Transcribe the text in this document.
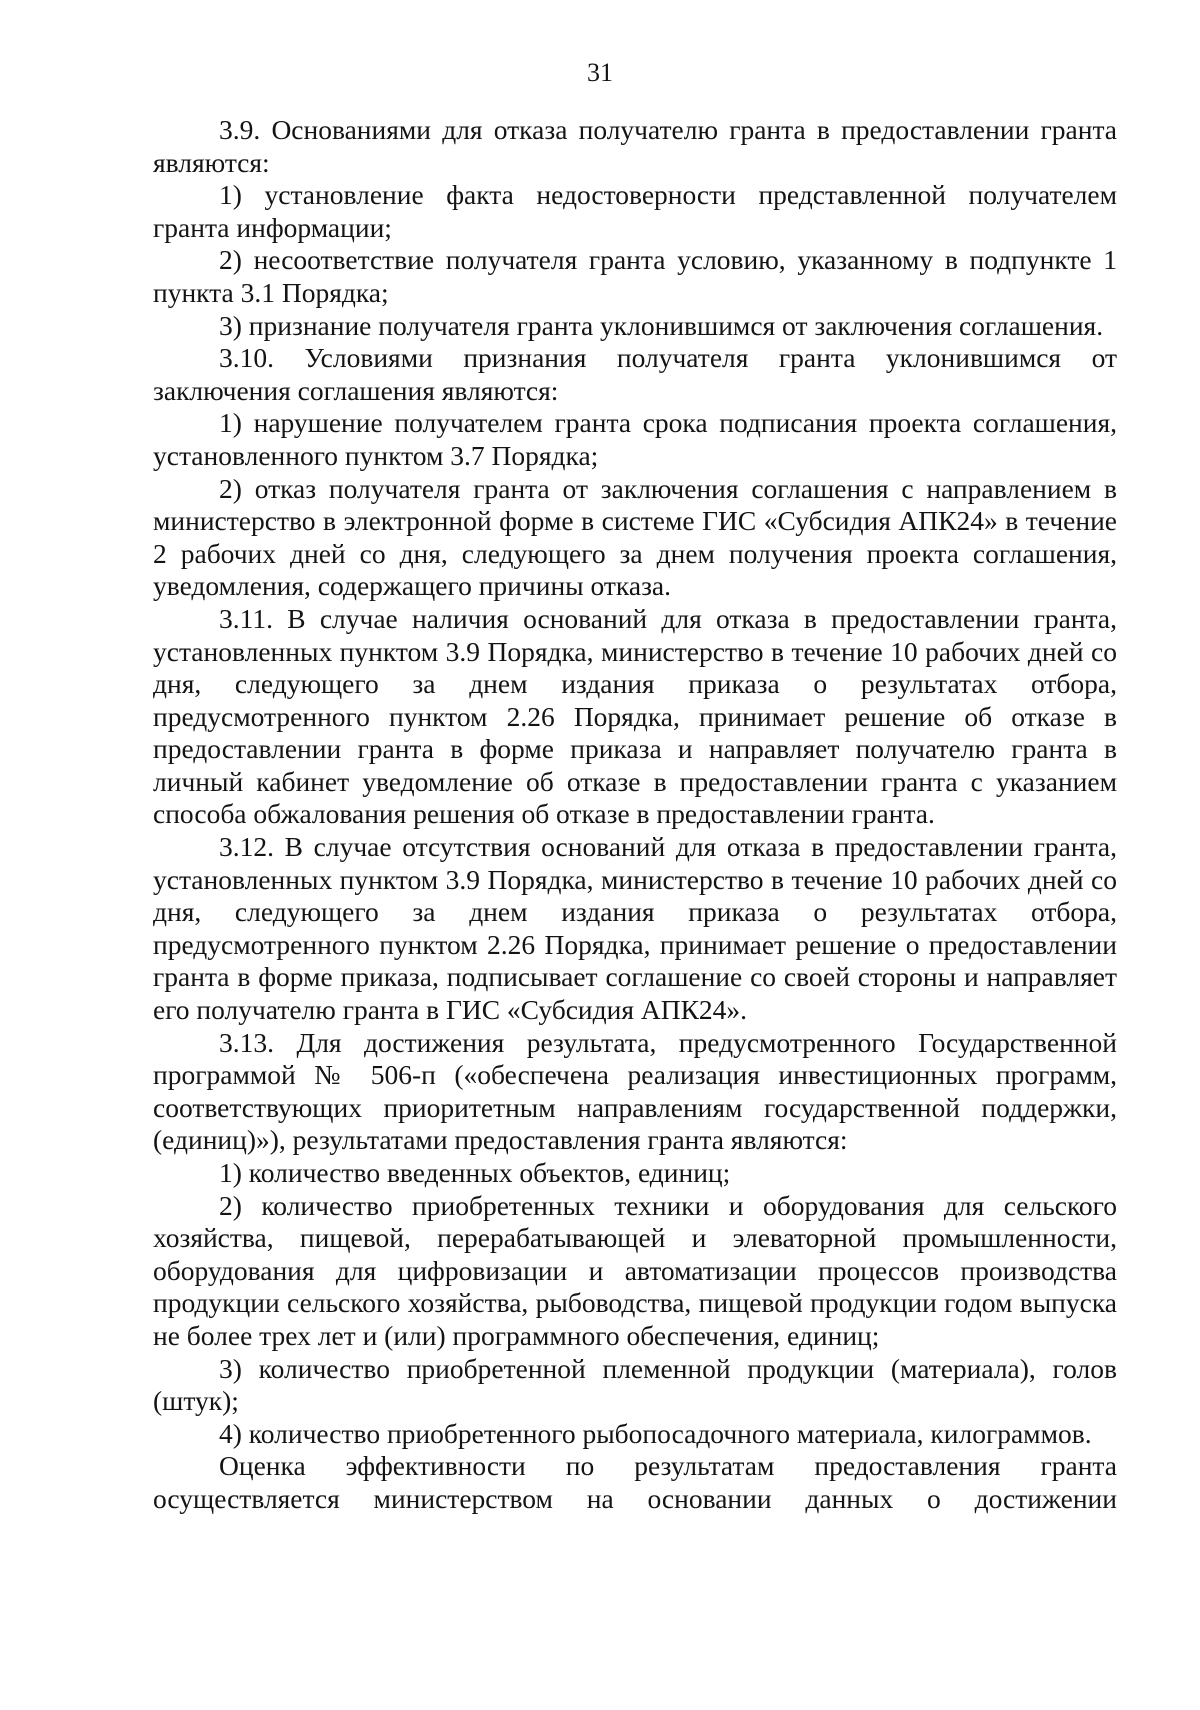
31

3.9. Основаниями для отказа получателю гранта в предоставлении гранта являются:

1) установление факта недостоверности представленной получателем гранта информации;

2) несоответствие получателя гранта условию, указанному в подпункте 1 пункта 3.1 Порядка;

3) признание получателя гранта уклонившимся от заключения соглашения.

3.10. Условиями признания получателя гранта уклонившимся от заключения соглашения являются:

1) нарушение получателем гранта срока подписания проекта соглашения, установленного пунктом 3.7 Порядка;

2) отказ получателя гранта от заключения соглашения с направлением в министерство в электронной форме в системе ГИС «Субсидия АПК24» в течение 2 рабочих дней со дня, следующего за днем получения проекта соглашения, уведомления, содержащего причины отказа.

3.11. В случае наличия оснований для отказа в предоставлении гранта, установленных пунктом 3.9 Порядка, министерство в течение 10 рабочих дней со дня, следующего за днем издания приказа о результатах отбора, предусмотренного пунктом 2.26 Порядка, принимает решение об отказе в предоставлении гранта в форме приказа и направляет получателю гранта в личный кабинет уведомление об отказе в предоставлении гранта с указанием способа обжалования решения об отказе в предоставлении гранта.

3.12. В случае отсутствия оснований для отказа в предоставлении гранта, установленных пунктом 3.9 Порядка, министерство в течение 10 рабочих дней со дня, следующего за днем издания приказа о результатах отбора, предусмотренного пунктом 2.26 Порядка, принимает решение о предоставлении гранта в форме приказа, подписывает соглашение со своей стороны и направляет его получателю гранта в ГИС «Субсидия АПК24».

3.13. Для достижения результата, предусмотренного Государственной программой № 506-п («обеспечена реализация инвестиционных программ, соответствующих приоритетным направлениям государственной поддержки, (единиц)»), результатами предоставления гранта являются:

1) количество введенных объектов, единиц;

2) количество приобретенных техники и оборудования для сельского хозяйства, пищевой, перерабатывающей и элеваторной промышленности, оборудования для цифровизации и автоматизации процессов производства продукции сельского хозяйства, рыбоводства, пищевой продукции годом выпуска не более трех лет и (или) программного обеспечения, единиц;

3) количество приобретенной племенной продукции (материала), голов (штук);

4) количество приобретенного рыбопосадочного материала, килограммов.

Оценка эффективности по результатам предоставления гранта осуществляется министерством на основании данных о достижении
